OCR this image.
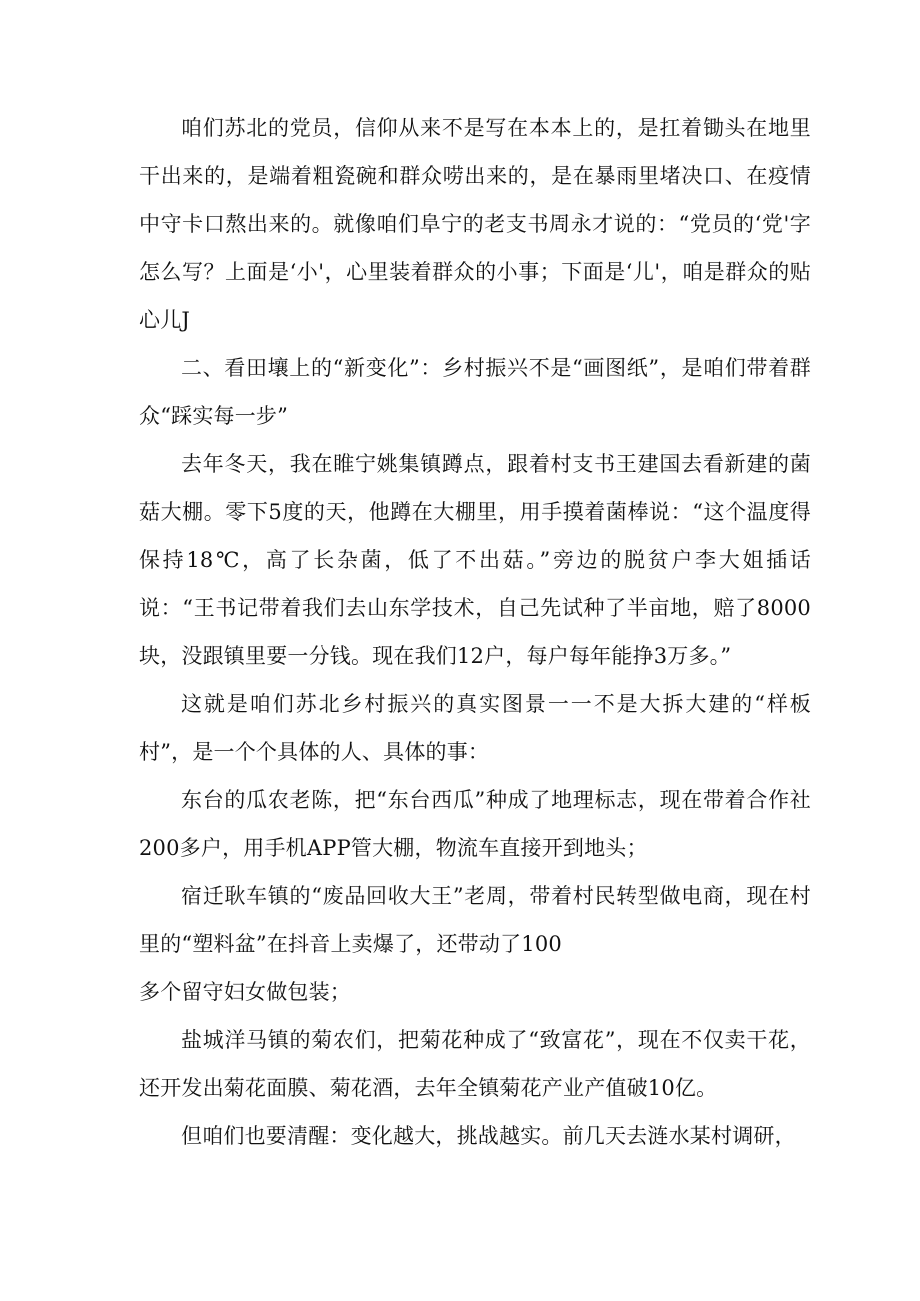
咱们苏北的党员，信仰从来不是写在本本上的，是扛着锄头在地里干出来的，是端着粗瓷碗和群众唠出来的，是在暴雨里堵决口、在疫情中守卡口熬出来的。就像咱们阜宁的老支书周永才说的：“党员的‘党'字怎么写？上面是‘小'，心里装着群众的小事；下面是‘儿'，咱是群众的贴心儿J

二、看田壤上的“新变化”：乡村振兴不是“画图纸”，是咱们带着群众“踩实每一步”

去年冬天，我在睢宁姚集镇蹲点，跟着村支书王建国去看新建的菌菇大棚。零下5度的天，他蹲在大棚里，用手摸着菌棒说：“这个温度得保持18℃，高了长杂菌，低了不出菇。”旁边的脱贫户李大姐插话说：“王书记带着我们去山东学技术，自己先试种了半亩地，赔了8000块，没跟镇里要一分钱。现在我们12户，每户每年能挣3万多。”

这就是咱们苏北乡村振兴的真实图景一一不是大拆大建的“样板村”，是一个个具体的人、具体的事：

东台的瓜农老陈，把“东台西瓜”种成了地理标志，现在带着合作社200多户，用手机APP管大棚，物流车直接开到地头；

宿迁耿车镇的“废品回收大王”老周，带着村民转型做电商，现在村里的“塑料盆”在抖音上卖爆了，还带动了100

多个留守妇女做包装；

盐城洋马镇的菊农们，把菊花种成了“致富花”，现在不仅卖干花，还开发出菊花面膜、菊花酒，去年全镇菊花产业产值破10亿。

但咱们也要清醒：变化越大，挑战越实。前几天去涟水某村调研，
